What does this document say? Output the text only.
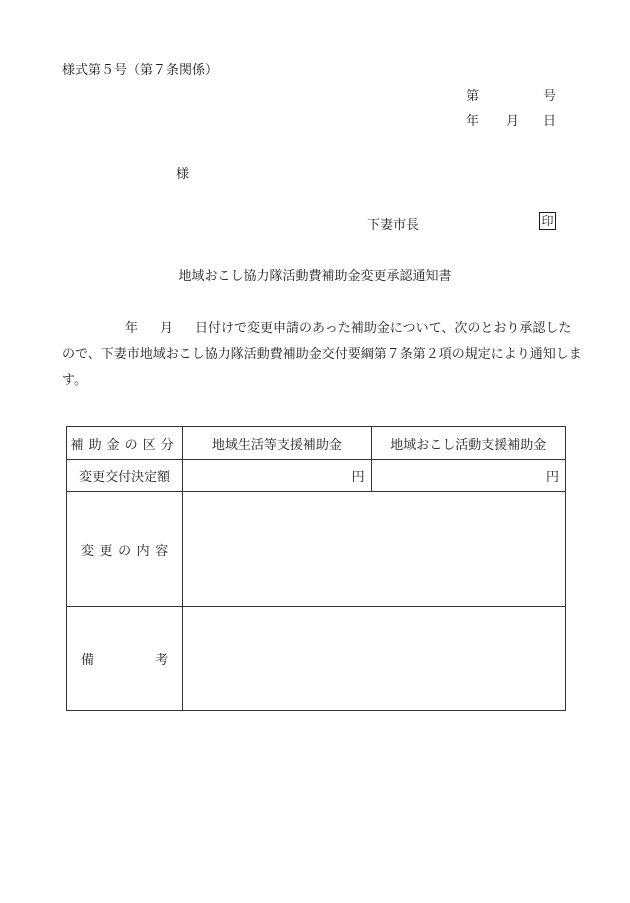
様式第５号（第７条関係）
第	号
年 月 日
様
下妻市長	印
地域おこし協力隊活動費補助金変更承認通知書
年 月 日付けで変更申請のあった補助金について、次のとおり承認した
ので、下妻市地域おこし協力隊活動費補助金交付要綱第７条第２項の規定により通知しま
す。
補助金の区分	地域生活等支援補助金	地域おこし活動支援補助金
変更交付決定額	円	円

変 更 の 内 容		

備 考		
